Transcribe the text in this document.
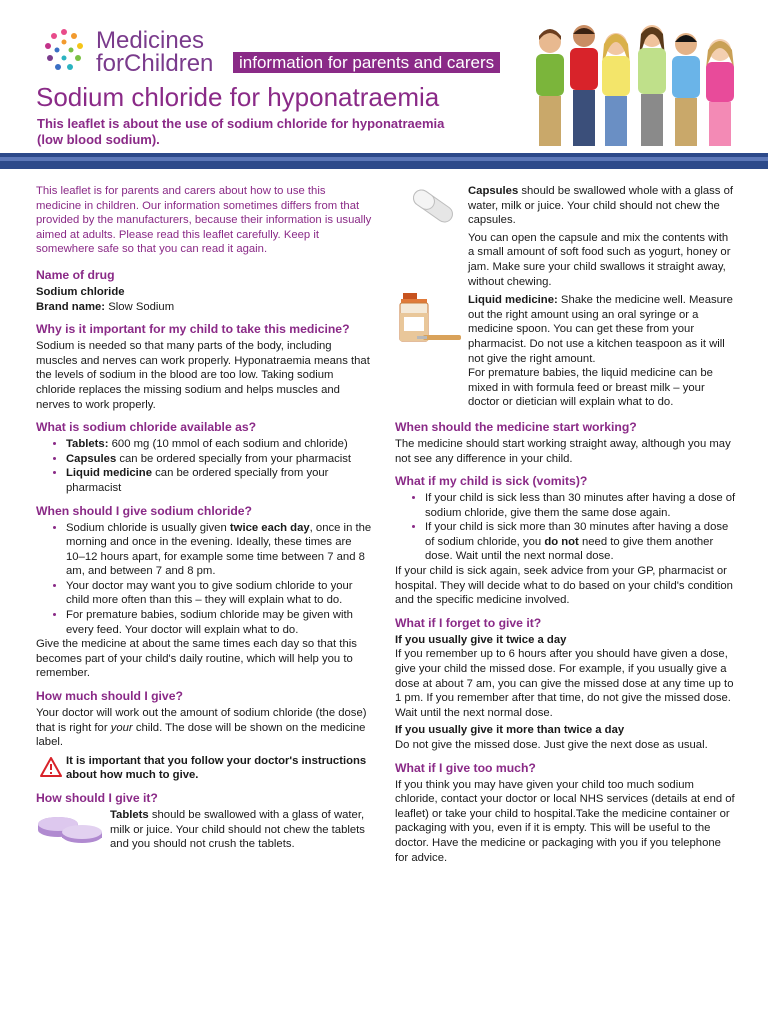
Medicines
forChildren	information for parents and carers
Sodium chloride for hyponatraemia
This leaflet is about the use of sodium chloride for hyponatraemia
(low blood sodium).

This leaflet is for parents and carers about how to use this medicine in children. Our information sometimes differs from that provided by the manufacturers, because their information is usually aimed at adults. Please read this leaflet carefully. Keep it somewhere safe so that you can read it again.

Name of drug

Sodium chloride

Brand name: Slow Sodium

Why is it important for my child to take this medicine?

Sodium is needed so that many parts of the body, including muscles and nerves can work properly. Hyponatraemia means that the levels of sodium in the blood are too low. Taking sodium chloride replaces the missing sodium and helps muscles and nerves to work properly.

What is sodium chloride available as?
• Tablets: 600 mg (10 mmol of each sodium and chloride)
• Capsules can be ordered specially from your pharmacist
• Liquid medicine can be ordered specially from your pharmacist
When should I give sodium chloride?
• Sodium chloride is usually given twice each day, once in the morning and once in the evening. Ideally, these times are 10–12 hours apart, for example some time between 7 and 8 am, and between 7 and 8 pm.
• Your doctor may want you to give sodium chloride to your child more often than this – they will explain what to do.
• For premature babies, sodium chloride may be given with every feed. Your doctor will explain what to do.

Give the medicine at about the same times each day so that this becomes part of your child's daily routine, which will help you to remember.

How much should I give?

Your doctor will work out the amount of sodium chloride (the dose) that is right for your child. The dose will be shown on the medicine label.

It is important that you follow your doctor's instructions about how much to give.
How should I give it?
Tablets should be swallowed with a glass of water, milk or juice. Your child should not chew the tablets and you should not crush the tablets.
Capsules should be swallowed whole with a glass of water, milk or juice. Your child should not chew the capsules.

You can open the capsule and mix the contents with a small amount of soft food such as yogurt, honey or jam. Make sure your child swallows it straight away, without chewing.

Liquid medicine: Shake the medicine well. Measure out the right amount using an oral syringe or a medicine spoon. You can get these from your pharmacist. Do not use a kitchen teaspoon as it will not give the right amount.

For premature babies, the liquid medicine can be mixed in with formula feed or breast milk – your doctor or dietician will explain what to do.

When should the medicine start working?

The medicine should start working straight away, although you may not see any difference in your child.

What if my child is sick (vomits)?
• If your child is sick less than 30 minutes after having a dose of sodium chloride, give them the same dose again.
• If your child is sick more than 30 minutes after having a dose of sodium chloride, you do not need to give them another dose. Wait until the next normal dose.

If your child is sick again, seek advice from your GP, pharmacist or hospital. They will decide what to do based on your child's condition and the specific medicine involved.

What if I forget to give it?

If you usually give it twice a day

If you remember up to 6 hours after you should have given a dose, give your child the missed dose. For example, if you usually give a dose at about 7 am, you can give the missed dose at any time up to 1 pm. If you remember after that time, do not give the missed dose. Wait until the next normal dose.

If you usually give it more than twice a day

Do not give the missed dose. Just give the next dose as usual.

What if I give too much?

If you think you may have given your child too much sodium chloride, contact your doctor or local NHS services (details at end of leaflet) or take your child to hospital.Take the medicine container or packaging with you, even if it is empty. This will be useful to the doctor. Have the medicine or packaging with you if you telephone for advice.
